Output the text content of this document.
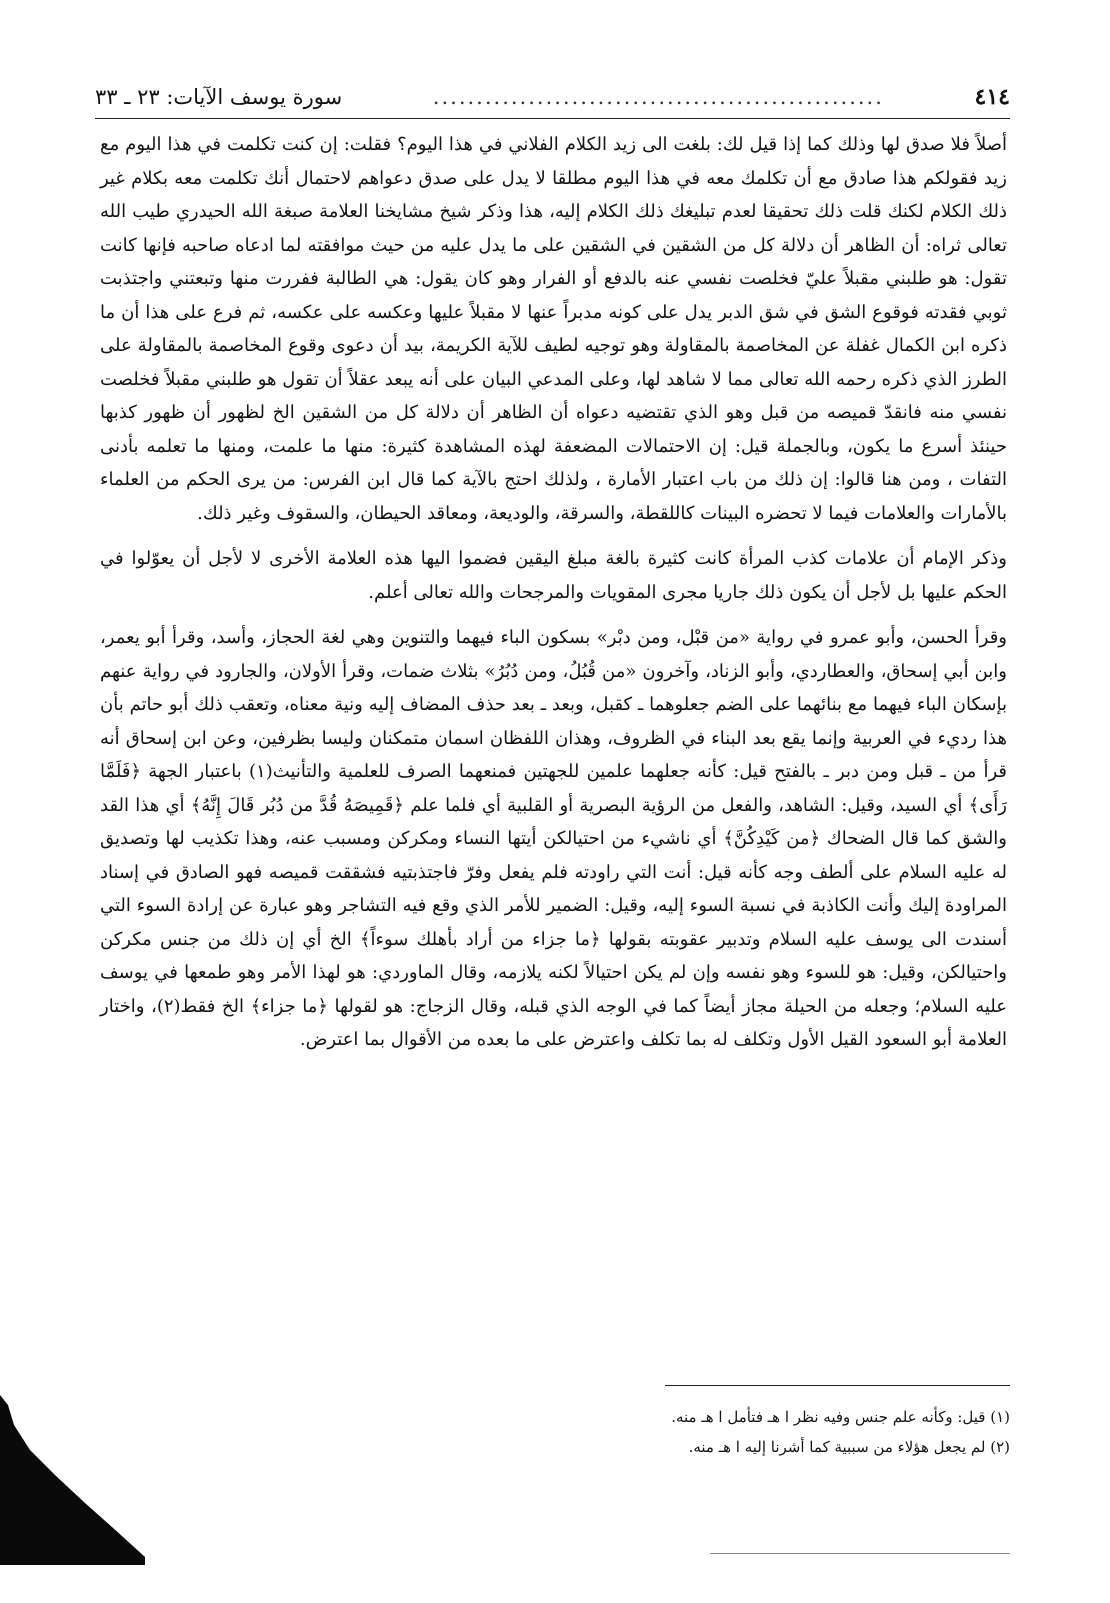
٤١٤
....................................................
سورة يوسف الآيات: ٢٣ ـ ٣٣

أصلاً فلا صدق لها وذلك كما إذا قيل لك: بلغت الى زيد الكلام الفلاني في هذا اليوم؟ فقلت: إن كنت تكلمت في هذا اليوم مع زيد فقولكم هذا صادق مع أن تكلمك معه في هذا اليوم مطلقا لا يدل على صدق دعواهم لاحتمال أنك تكلمت معه بكلام غير ذلك الكلام لكنك قلت ذلك تحقيقا لعدم تبليغك ذلك الكلام إليه، هذا وذكر شيخ مشايخنا العلامة صبغة الله الحيدري طيب الله تعالى ثراه: أن الظاهر أن دلالة كل من الشقين في الشقين على ما يدل عليه من حيث موافقته لما ادعاه صاحبه فإنها كانت تقول: هو طلبني مقبلاً عليّ فخلصت نفسي عنه بالدفع أو الفرار وهو كان يقول: هي الطالبة ففررت منها وتبعتني واجتذبت ثوبي فقدته فوقوع الشق في شق الدبر يدل على كونه مدبراً عنها لا مقبلاً عليها وعكسه على عكسه، ثم فرع على هذا أن ما ذكره ابن الكمال غفلة عن المخاصمة بالمقاولة وهو توجيه لطيف للآية الكريمة، بيد أن دعوى وقوع المخاصمة بالمقاولة على الطرز الذي ذكره رحمه الله تعالى مما لا شاهد لها، وعلى المدعي البيان على أنه يبعد عقلاً أن تقول هو طلبني مقبلاً فخلصت نفسي منه فانقدّ قميصه من قبل وهو الذي تقتضيه دعواه أن الظاهر أن دلالة كل من الشقين الخ لظهور أن ظهور كذبها حينئذ أسرع ما يكون، وبالجملة قيل: إن الاحتمالات المضعفة لهذه المشاهدة كثيرة: منها ما علمت، ومنها ما تعلمه بأدنى التفات ، ومن هنا قالوا: إن ذلك من باب اعتبار الأمارة ، ولذلك احتج بالآية كما قال ابن الفرس: من يرى الحكم من العلماء بالأمارات والعلامات فيما لا تحضره البينات كاللقطة، والسرقة، والوديعة، ومعاقد الحيطان، والسقوف وغير ذلك.

وذكر الإمام أن علامات كذب المرأة كانت كثيرة بالغة مبلغ اليقين فضموا اليها هذه العلامة الأخرى لا لأجل أن يعوّلوا في الحكم عليها بل لأجل أن يكون ذلك جاريا مجرى المقويات والمرجحات والله تعالى أعلم.

وقرأ الحسن، وأبو عمرو في رواية «من قبْل، ومن دبْر» بسكون الباء فيهما والتنوين وهي لغة الحجاز، وأسد، وقرأ أبو يعمر، وابن أبي إسحاق، والعطاردي، وأبو الزناد، وآخرون «من قُبُلُ، ومن دُبُرُ» بثلاث ضمات، وقرأ الأولان، والجارود في رواية عنهم بإسكان الباء فيهما مع بنائهما على الضم جعلوهما ـ كقبل، وبعد ـ بعد حذف المضاف إليه ونية معناه، وتعقب ذلك أبو حاتم بأن هذا رديء في العربية وإنما يقع بعد البناء في الظروف، وهذان اللفظان اسمان متمكنان وليسا بظرفين، وعن ابن إسحاق أنه قرأ من ـ قبل ومن دبر ـ بالفتح قيل: كأنه جعلهما علمين للجهتين فمنعهما الصرف للعلمية والتأنيث(١) باعتبار الجهة ﴿فَلَمَّا رَأَى﴾ أي السيد، وقيل: الشاهد، والفعل من الرؤية البصرية أو القلبية أي فلما علم ﴿قَمِيصَهُ قُدَّ من دُبُر قَالَ إِنَّهُ﴾ أي هذا القد والشق كما قال الضحاك ﴿من كَيْدِكُنَّ﴾ أي ناشيء من احتيالكن أيتها النساء ومكركن ومسبب عنه، وهذا تكذيب لها وتصديق له عليه السلام على ألطف وجه كأنه قيل: أنت التي راودته فلم يفعل وفرّ فاجتذبتيه فشققت قميصه فهو الصادق في إسناد المراودة إليك وأنت الكاذبة في نسبة السوء إليه، وقيل: الضمير للأمر الذي وقع فيه التشاجر وهو عبارة عن إرادة السوء التي أسندت الى يوسف عليه السلام وتدبير عقوبته بقولها ﴿ما جزاء من أراد بأهلك سوءاً﴾ الخ أي إن ذلك من جنس مكركن واحتيالكن، وقيل: هو للسوء وهو نفسه وإن لم يكن احتيالاً لكنه يلازمه، وقال الماوردي: هو لهذا الأمر وهو طمعها في يوسف عليه السلام؛ وجعله من الحيلة مجاز أيضاً كما في الوجه الذي قبله، وقال الزجاج: هو لقولها ﴿ما جزاء﴾ الخ فقط(٢)، واختار العلامة أبو السعود القيل الأول وتكلف له بما تكلف واعترض على ما بعده من الأقوال بما اعترض.

(١) قيل: وكأنه علم جنس وفيه نظر ا هـ فتأمل ا هـ منه.
(٢) لم يجعل هؤلاء من سببية كما أشرنا إليه ا هـ منه.
